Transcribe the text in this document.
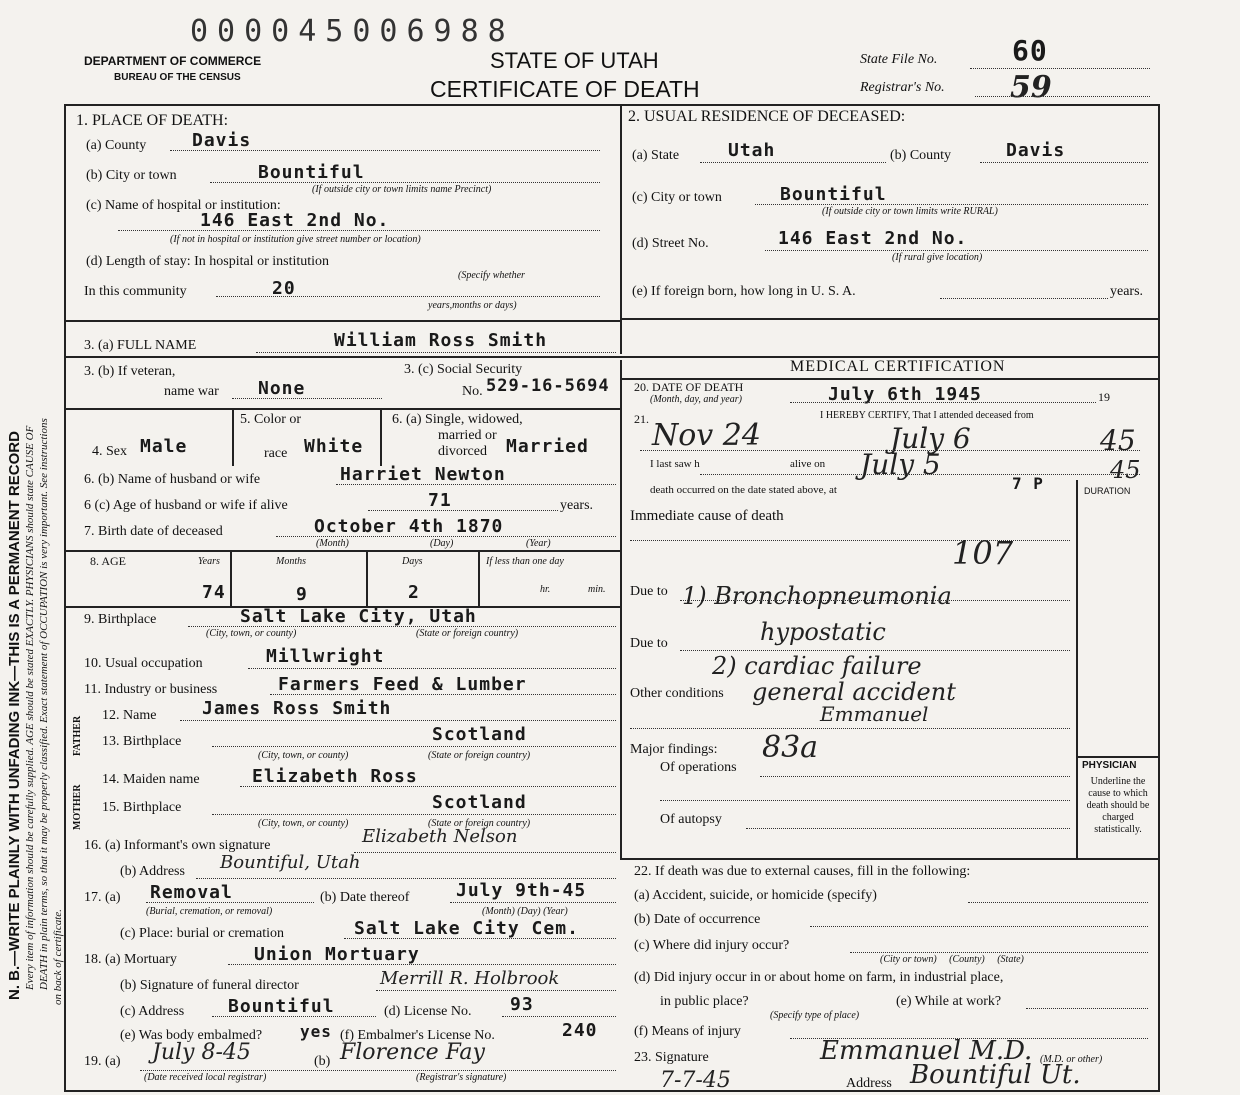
000045006988
DEPARTMENT OF COMMERCE
BUREAU OF THE CENSUS
STATE OF UTAH
CERTIFICATE OF DEATH
State File No.	60
Registrar's No. 59
N. B.—WRITE PLAINLY WITH UNFADING INK—THIS IS A PERMANENT RECORD Every item of information should be carefully supplied. AGE should be stated EXACTLY. PHYSICIANS should state CAUSE OF DEATH in plain terms, so that it may be properly classified. Exact statement of OCCUPATION is very important. See instructions on back of certificate.
1. PLACE OF DEATH:
(a) County	Davis
(b) City or town	Bountiful
(If outside city or town limits name Precinct)
(c) Name of hospital or institution:
146 East 2nd No.
(If not in hospital or institution give street number or location)
(d) Length of stay: In hospital or institution
(Specify whether
In this community	20
years,months or days)
2. USUAL RESIDENCE OF DECEASED:
(a) State	Utah	(b) County	Davis
(c) City or town	Bountiful
(If outside city or town limits write RURAL)
(d) Street No.	146 East 2nd No.
(If rural give location)
(e) If foreign born, how long in U. S. A.	years.
3. (a) FULL NAME	William Ross Smith
3. (b) If veteran,
name war None
3. (c) Social Security
No. 529-16-5694
4. Sex Male
5. Color or
race White
6. (a) Single, widowed,
married or
divorced Married
6. (b) Name of husband or wife	Harriet Newton
6 (c) Age of husband or wife if alive	71	years.
7. Birth date of deceased	October 4th 1870
(Month)	(Day)	(Year)
8. AGE	Years	Months	Days	If less than one day
74	9	2	hr.	min.
9. Birthplace	Salt Lake City, Utah
(City, town, or county)	(State or foreign country)
10. Usual occupation	Millwright
11. Industry or business	Farmers Feed & Lumber
FATHER
MOTHER
12. Name	James Ross Smith
13. Birthplace	Scotland
(City, town, or county)	(State or foreign country)
14. Maiden name	Elizabeth Ross
15. Birthplace	Scotland
(City, town, or county)	(State or foreign country)
16. (a) Informant's own signature	Elizabeth Nelson
(b) Address Bountiful, Utah
17. (a) Removal
(Burial, cremation, or removal)
(b) Date thereof	July 9th-45
(Month) (Day) (Year)
(c) Place: burial or cremation	Salt Lake City Cem.
18. (a) Mortuary	Union Mortuary
(b) Signature of funeral director	Merrill R. Holbrook
(c) Address Bountiful	(d) License No. 93
(e) Was body embalmed? yes (f) Embalmer's License No.	240
19. (a) July 8-45	(b) Florence Fay
(Date received local registrar)	(Registrar's signature)
MEDICAL CERTIFICATION
20. DATE OF DEATH
(Month, day, and year)	July 6th 1945	19
21.	I HEREBY CERTIFY, That I attended deceased from
Nov 24	July 6	45
I last saw h	alive on July 5	45
death occurred on the date stated above, at	7 P	DURATION
Immediate cause of death
107
Due to 1) Bronchopneumonia
Due to	hypostatic
2) cardiac failure
Other conditions general accident
Emmanuel
Major findings: 83a
Of operations
Of autopsy
PHYSICIAN
Underline the cause to which death should be charged statistically.
22. If death was due to external causes, fill in the following:
(a) Accident, suicide, or homicide (specify)
(b) Date of occurrence
(c) Where did injury occur?
(City or town)     (County)     (State)
(d) Did injury occur in or about home on farm, in industrial place,
in public place?
(Specify type of place)
(e) While at work?
(f) Means of injury
23. Signature	Emmanuel M.D. (M.D. or other)
7-7-45	Address Bountiful Ut.
